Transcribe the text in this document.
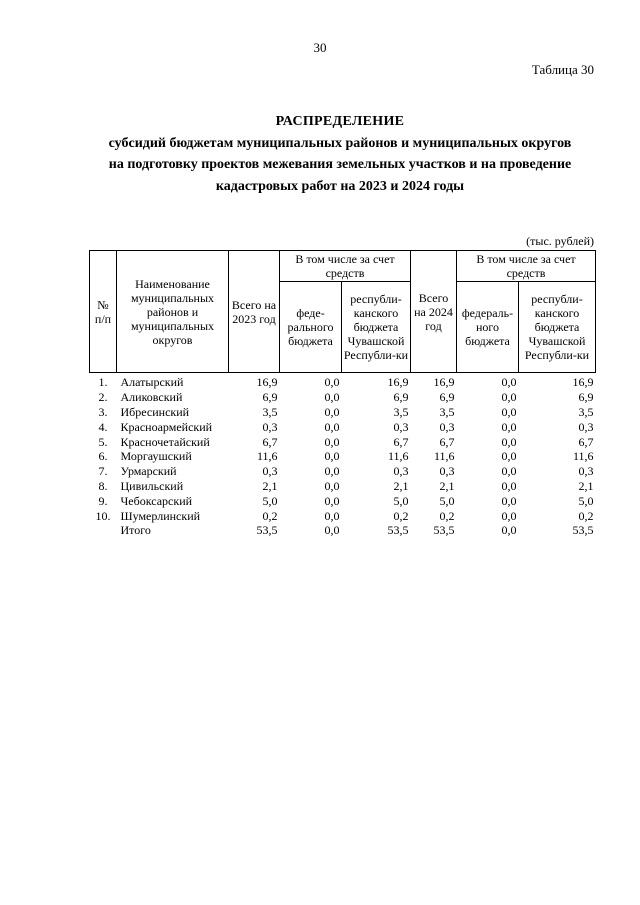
30
Таблица 30
РАСПРЕДЕЛЕНИЕ
субсидий бюджетам муниципальных районов и муниципальных округов
на подготовку проектов межевания земельных участков и на проведение
кадастровых работ на 2023 и 2024 годы
(тыс. рублей)
№ п/п	Наименование муниципальных районов и муниципальных округов	Всего на 2023 год	В том числе за счет средств		Всего на 2024 год	В том числе за счет средств	
			феде-рального бюджета	республи-канского бюджета Чувашской Республи-ки		федераль-ного бюджета	республи-канского бюджета Чувашской Республи-ки
1.	Алатырский	16,9	0,0	16,9	16,9	0,0	16,9
2.	Аликовский	6,9	0,0	6,9	6,9	0,0	6,9
3.	Ибресинский	3,5	0,0	3,5	3,5	0,0	3,5
4.	Красноармейский	0,3	0,0	0,3	0,3	0,0	0,3
5.	Красночетайский	6,7	0,0	6,7	6,7	0,0	6,7
6.	Моргаушский	11,6	0,0	11,6	11,6	0,0	11,6
7.	Урмарский	0,3	0,0	0,3	0,3	0,0	0,3
8.	Цивильский	2,1	0,0	2,1	2,1	0,0	2,1
9.	Чебоксарский	5,0	0,0	5,0	5,0	0,0	5,0
10.	Шумерлинский	0,2	0,0	0,2	0,2	0,0	0,2
	Итого	53,5	0,0	53,5	53,5	0,0	53,5
